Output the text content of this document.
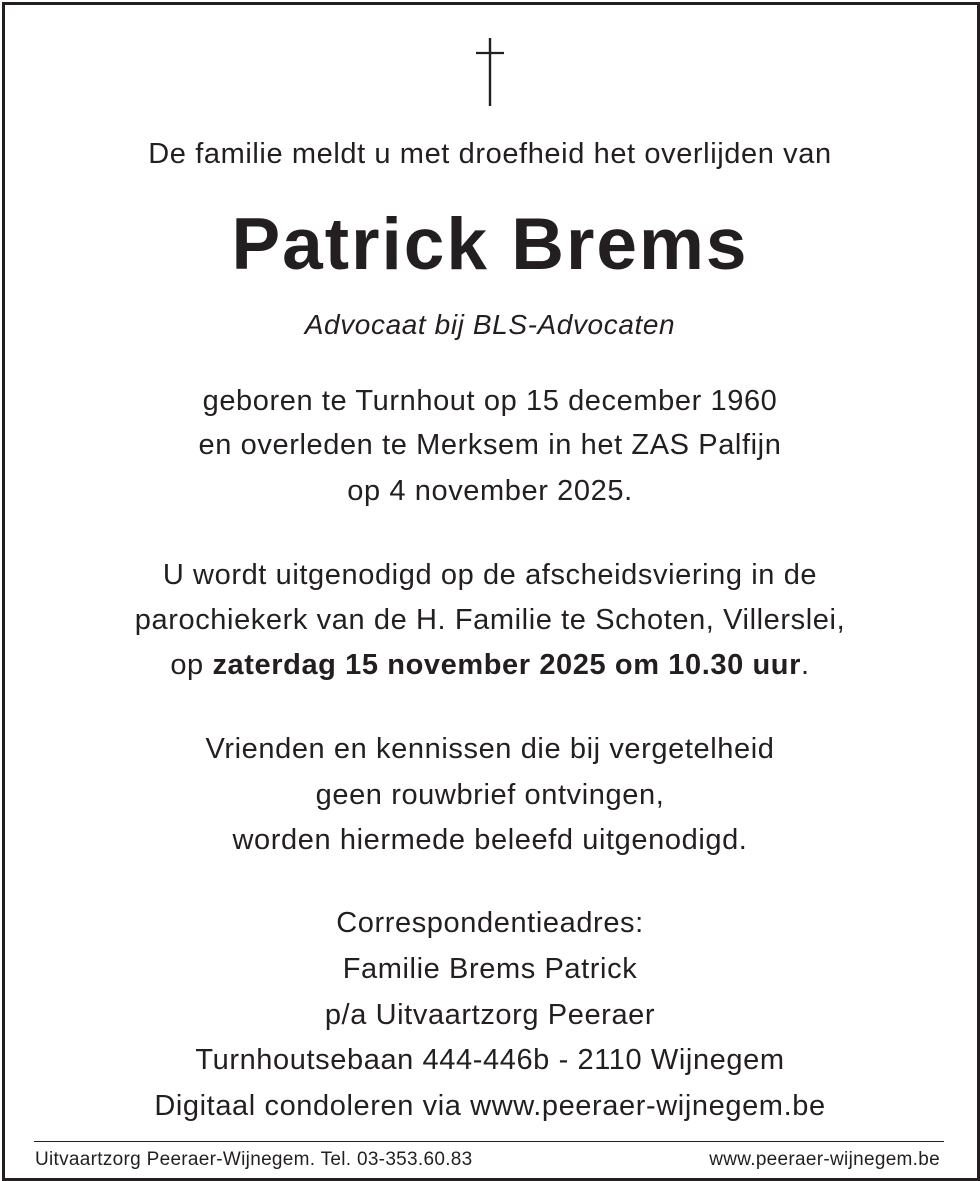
De familie meldt u met droefheid het overlijden van
Patrick Brems
Advocaat bij BLS-Advocaten
geboren te Turnhout op 15 december 1960
en overleden te Merksem in het ZAS Palfijn
op 4 november 2025.
U wordt uitgenodigd op de afscheidsviering in de
parochiekerk van de H. Familie te Schoten, Villerslei,
op zaterdag 15 november 2025 om 10.30 uur.
Vrienden en kennissen die bij vergetelheid
geen rouwbrief ontvingen,
worden hiermede beleefd uitgenodigd.
Correspondentieadres:
Familie Brems Patrick
p/a Uitvaartzorg Peeraer
Turnhoutsebaan 444-446b - 2110 Wijnegem
Digitaal condoleren via www.peeraer-wijnegem.be
Uitvaartzorg Peeraer-Wijnegem. Tel. 03-353.60.83	www.peeraer-wijnegem.be
